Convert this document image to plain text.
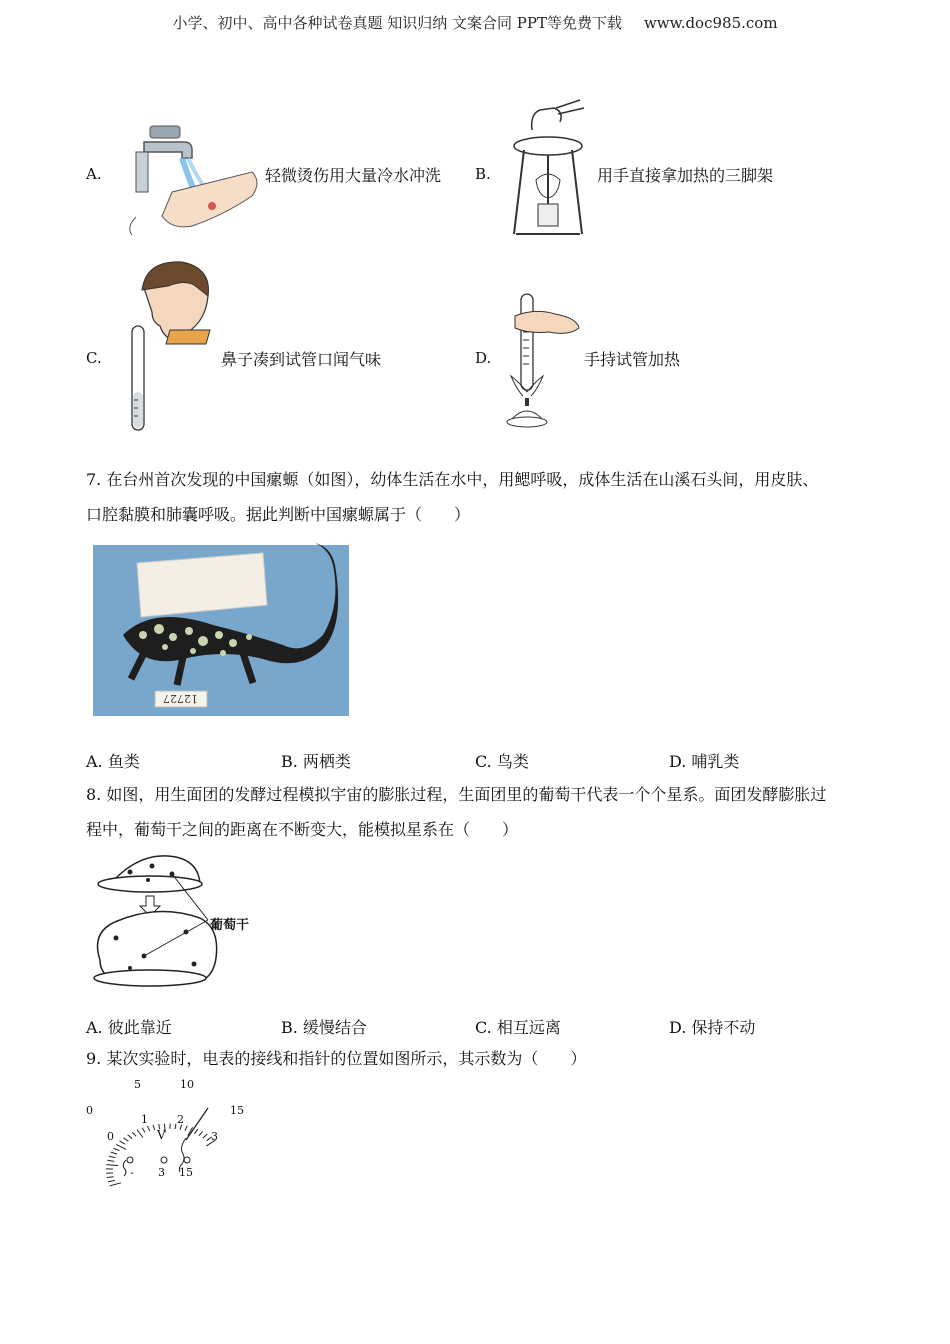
小学、初中、高中各种试卷真题 知识归纳 文案合同 PPT等免费下载 www.doc985.com
A.	轻微烫伤用大量冷水冲洗 B.	用手直接拿加热的三脚架
C.	鼻子凑到试管口闻气味	D.	手持试管加热
7. 在台州首次发现的中国瘰螈（如图），幼体生活在水中，用鳃呼吸，成体生活在山溪石头间，用皮肤、
口腔黏膜和肺囊呼吸。据此判断中国瘰螈属于（　　）
12727
A. 鱼类	B. 两栖类	C. 鸟类	D. 哺乳类
8. 如图，用生面团的发酵过程模拟宇宙的膨胀过程，生面团里的葡萄干代表一个个星系。面团发酵膨胀过
程中，葡萄干之间的距离在不断变大，能模拟星系在（　　）
葡萄干
A. 彼此靠近	B. 缓慢结合	C. 相互远离	D. 保持不动
9. 某次实验时，电表的接线和指针的位置如图所示，其示数为（　　）
0
5	10
15
0
1	2
3
V
- 3 15
